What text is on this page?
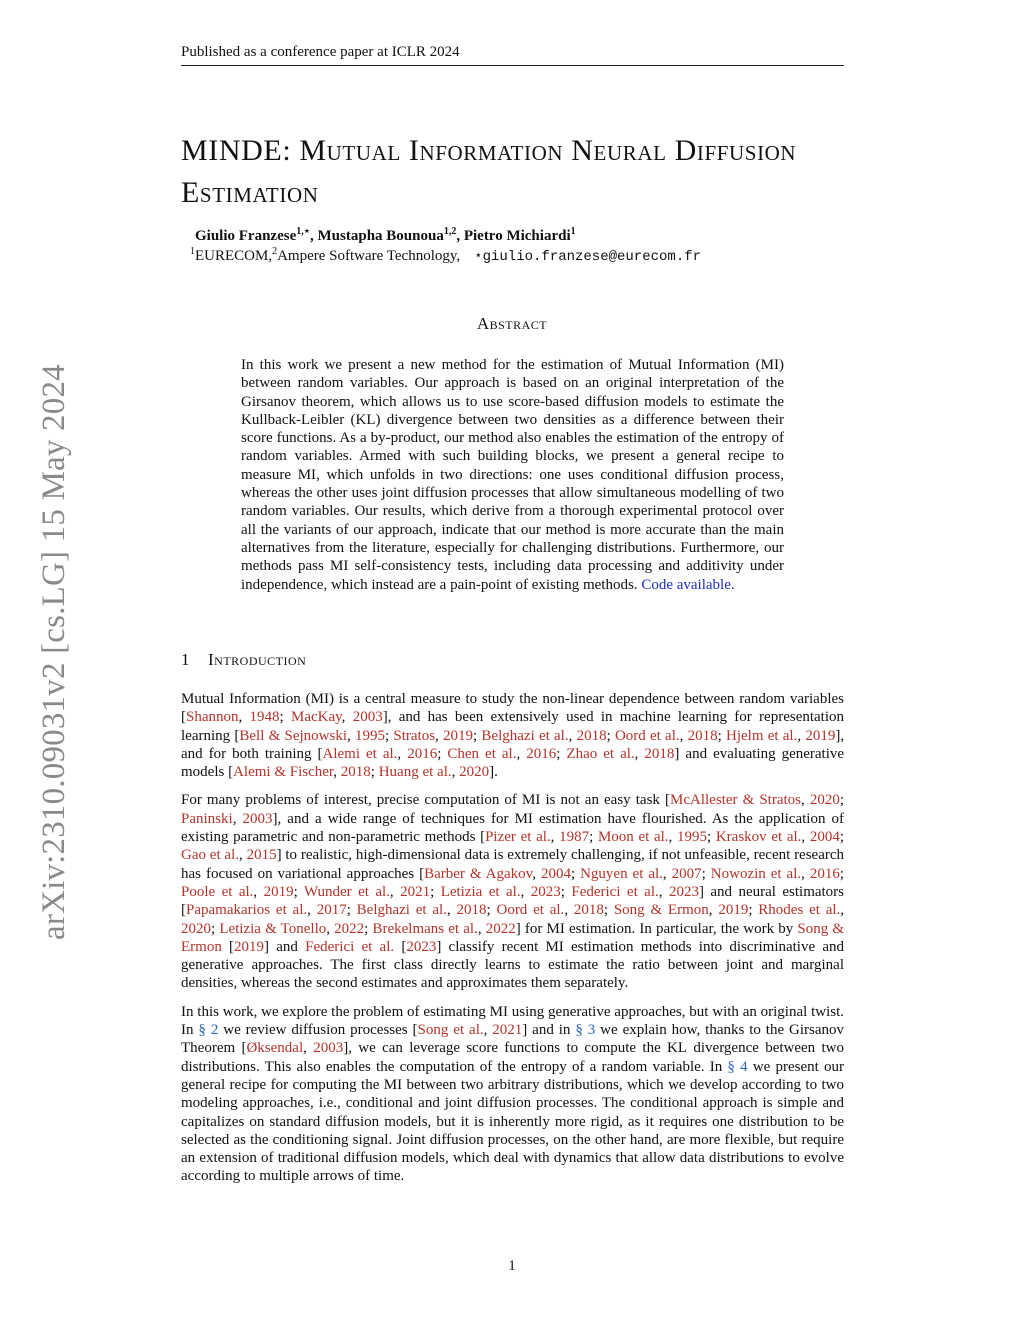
Published as a conference paper at ICLR 2024
arXiv:2310.09031v2 [cs.LG] 15 May 2024
MINDE: Mutual Information Neural Diffusion Estimation
Giulio Franzese$^{1,⋆}$, Mustapha Bounoua$^{1,2}$, Pietro Michiardi$^1$
$^1$EURECOM,$^2$Ampere Software Technology, ⋆giulio.franzese@eurecom.fr
Abstract

In this work we present a new method for the estimation of Mutual Information (MI) between random variables. Our approach is based on an original interpretation of the Girsanov theorem, which allows us to use score-based diffusion models to estimate the Kullback-Leibler (KL) divergence between two densities as a difference between their score functions. As a by-product, our method also enables the estimation of the entropy of random variables. Armed with such building blocks, we present a general recipe to measure MI, which unfolds in two directions: one uses conditional diffusion process, whereas the other uses joint diffusion processes that allow simultaneous modelling of two random variables. Our results, which derive from a thorough experimental protocol over all the variants of our approach, indicate that our method is more accurate than the main alternatives from the literature, especially for challenging distributions. Furthermore, our methods pass MI self-consistency tests, including data processing and additivity under independence, which instead are a pain-point of existing methods. Code available.

1 Introduction

Mutual Information (MI) is a central measure to study the non-linear dependence between random variables [Shannon, 1948; MacKay, 2003], and has been extensively used in machine learning for representation learning [Bell & Sejnowski, 1995; Stratos, 2019; Belghazi et al., 2018; Oord et al., 2018; Hjelm et al., 2019], and for both training [Alemi et al., 2016; Chen et al., 2016; Zhao et al., 2018] and evaluating generative models [Alemi & Fischer, 2018; Huang et al., 2020].

For many problems of interest, precise computation of MI is not an easy task [McAllester & Stratos, 2020; Paninski, 2003], and a wide range of techniques for MI estimation have flourished. As the application of existing parametric and non-parametric methods [Pizer et al., 1987; Moon et al., 1995; Kraskov et al., 2004; Gao et al., 2015] to realistic, high-dimensional data is extremely challenging, if not unfeasible, recent research has focused on variational approaches [Barber & Agakov, 2004; Nguyen et al., 2007; Nowozin et al., 2016; Poole et al., 2019; Wunder et al., 2021; Letizia et al., 2023; Federici et al., 2023] and neural estimators [Papamakarios et al., 2017; Belghazi et al., 2018; Oord et al., 2018; Song & Ermon, 2019; Rhodes et al., 2020; Letizia & Tonello, 2022; Brekelmans et al., 2022] for MI estimation. In particular, the work by Song & Ermon [2019] and Federici et al. [2023] classify recent MI estimation methods into discriminative and generative approaches. The first class directly learns to estimate the ratio between joint and marginal densities, whereas the second estimates and approximates them separately.

In this work, we explore the problem of estimating MI using generative approaches, but with an original twist. In § 2 we review diffusion processes [Song et al., 2021] and in § 3 we explain how, thanks to the Girsanov Theorem [Øksendal, 2003], we can leverage score functions to compute the KL divergence between two distributions. This also enables the computation of the entropy of a random variable. In § 4 we present our general recipe for computing the MI between two arbitrary distributions, which we develop according to two modeling approaches, i.e., conditional and joint diffusion processes. The conditional approach is simple and capitalizes on standard diffusion models, but it is inherently more rigid, as it requires one distribution to be selected as the conditioning signal. Joint diffusion processes, on the other hand, are more flexible, but require an extension of traditional diffusion models, which deal with dynamics that allow data distributions to evolve according to multiple arrows of time.

1
